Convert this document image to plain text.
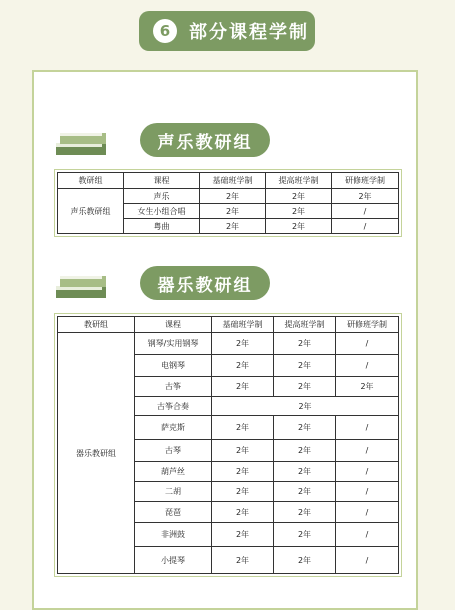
6	部分课程学制
声乐教研组
教研组	课程	基础班学制	提高班学制	研修班学制
声乐教研组	声乐	2年	2年	2年
	女生小组合唱	2年	2年	/
	粤曲	2年	2年	/
器乐教研组
教研组	课程	基础班学制	提高班学制	研修班学制
器乐教研组	钢琴/实用钢琴	2年	2年	/
	电钢琴	2年	2年	/
	古筝	2年	2年	2年
	古筝合奏	2年		
	萨克斯	2年	2年	/
	古琴	2年	2年	/
	葫芦丝	2年	2年	/
	二胡	2年	2年	/
	琵琶	2年	2年	/
	非洲鼓	2年	2年	/
	小提琴	2年	2年	/
